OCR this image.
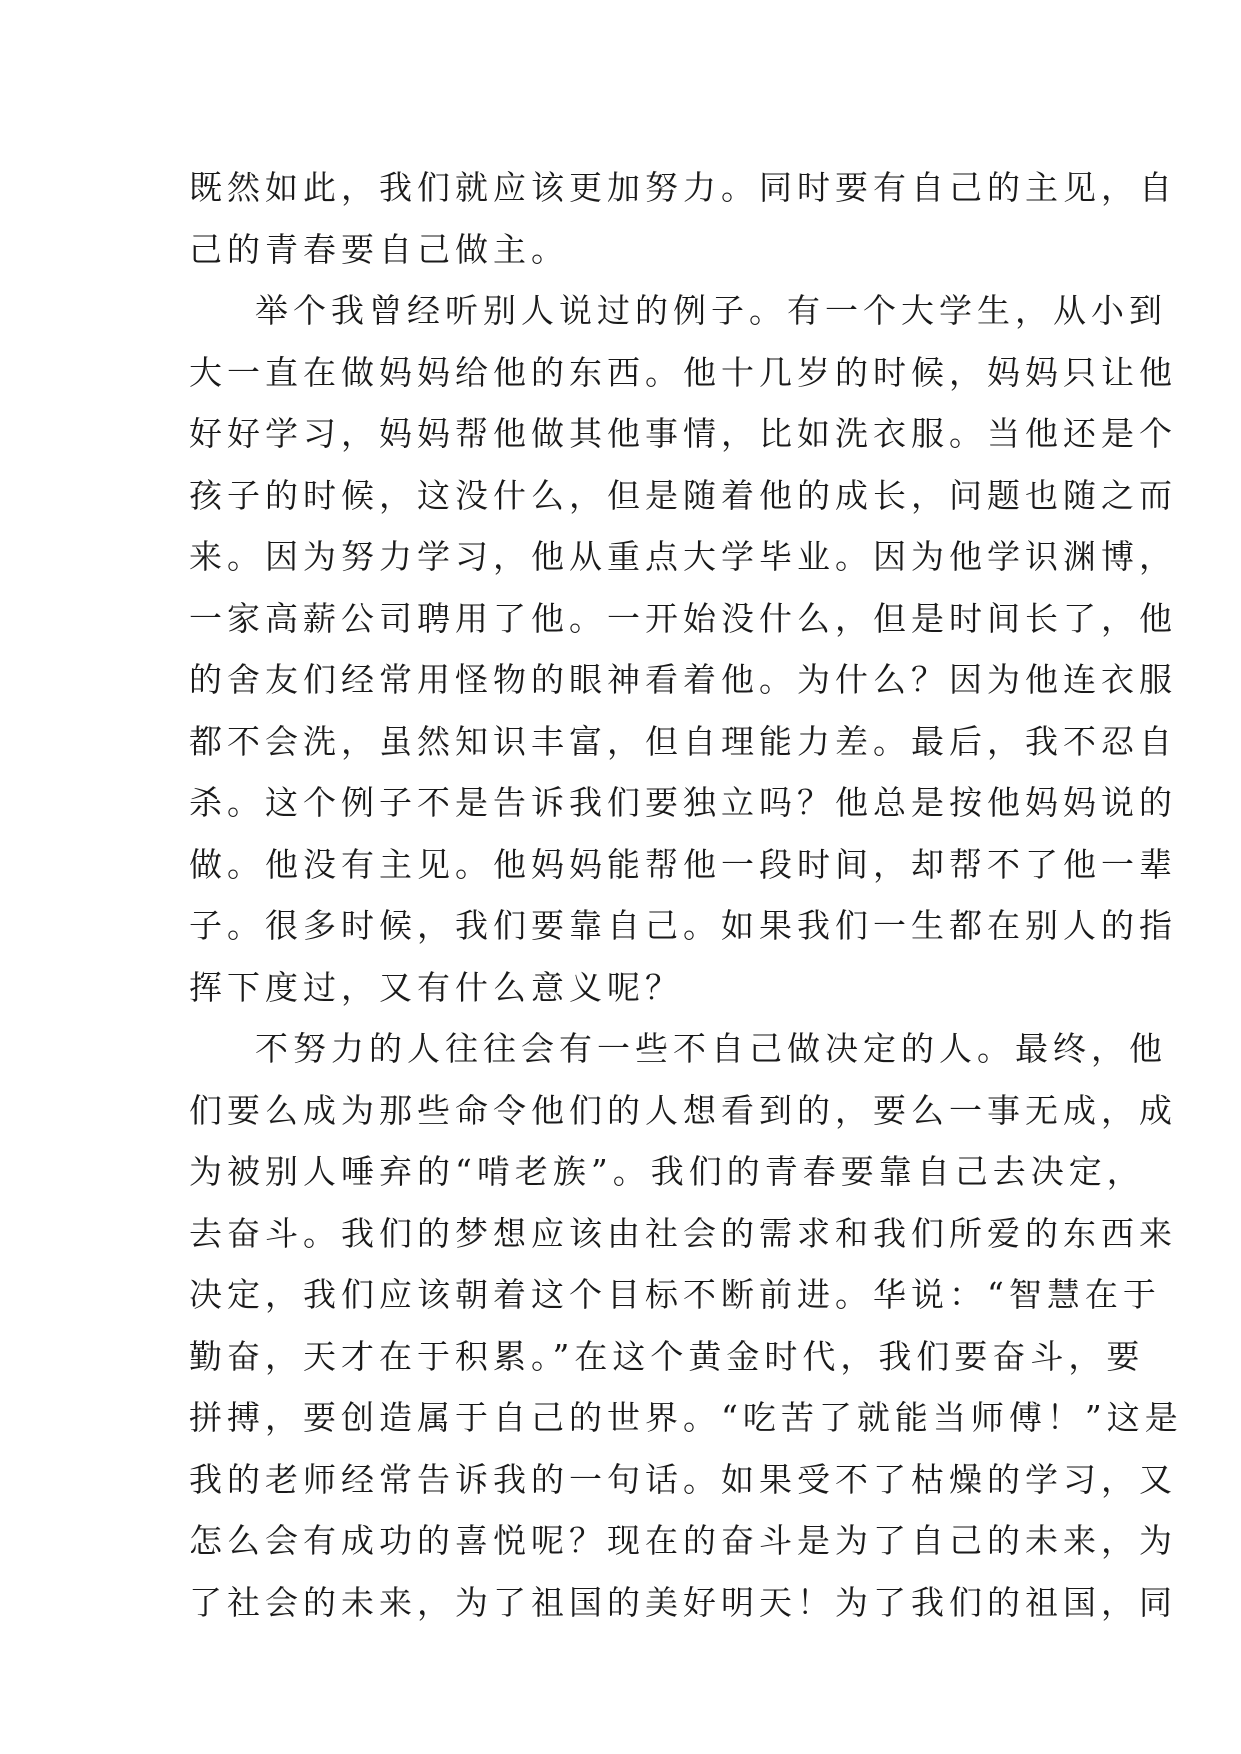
既然如此，我们就应该更加努力。同时要有自己的主见，自
己的青春要自己做主。
举个我曾经听别人说过的例子。有一个大学生，从小到
大一直在做妈妈给他的东西。他十几岁的时候，妈妈只让他
好好学习，妈妈帮他做其他事情，比如洗衣服。当他还是个
孩子的时候，这没什么，但是随着他的成长，问题也随之而
来。因为努力学习，他从重点大学毕业。因为他学识渊博，
一家高薪公司聘用了他。一开始没什么，但是时间长了，他
的舍友们经常用怪物的眼神看着他。为什么？因为他连衣服
都不会洗，虽然知识丰富，但自理能力差。最后，我不忍自
杀。这个例子不是告诉我们要独立吗？他总是按他妈妈说的
做。他没有主见。他妈妈能帮他一段时间，却帮不了他一辈
子。很多时候，我们要靠自己。如果我们一生都在别人的指
挥下度过，又有什么意义呢？
不努力的人往往会有一些不自己做决定的人。最终，他
们要么成为那些命令他们的人想看到的，要么一事无成，成
为被别人唾弃的“啃老族”。我们的青春要靠自己去决定，
去奋斗。我们的梦想应该由社会的需求和我们所爱的东西来
决定，我们应该朝着这个目标不断前进。华说：“智慧在于
勤奋，天才在于积累。”在这个黄金时代，我们要奋斗，要
拼搏，要创造属于自己的世界。“吃苦了就能当师傅！”这是
我的老师经常告诉我的一句话。如果受不了枯燥的学习，又
怎么会有成功的喜悦呢？现在的奋斗是为了自己的未来，为
了社会的未来，为了祖国的美好明天！为了我们的祖国，同
